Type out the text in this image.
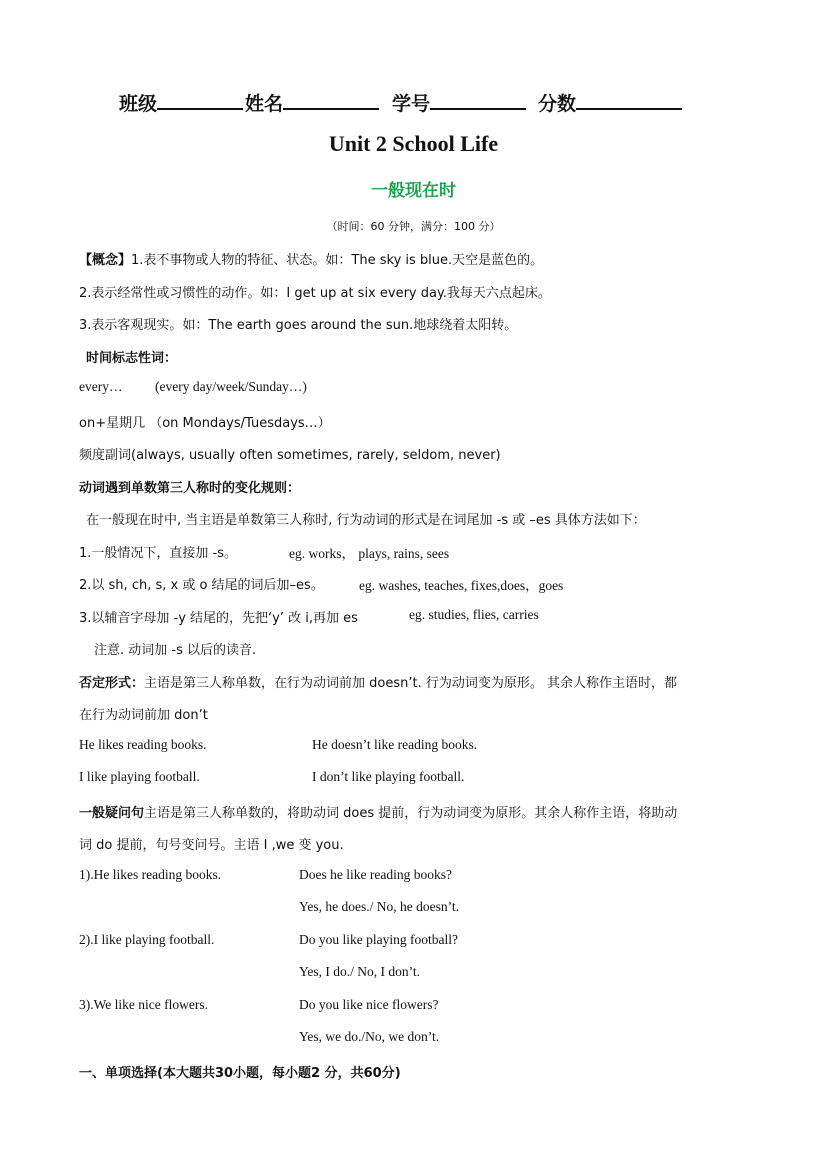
班级	姓名	学号	分数
Unit 2 School Life
一般现在时
（时间：60 分钟，满分：100 分）
【概念】1.表不事物或人物的特征、状态。如：The sky is blue.天空是蓝色的。
2.表示经常性或习惯性的动作。如：I get up at six every day.我每天六点起床。
3.表示客观现实。如：The earth goes around the sun.地球绕着太阳转。
时间标志性词：
every… (every day/week/Sunday…)
on+星期几 （on Mondays/Tuesdays…）
频度副词(always, usually often sometimes, rarely, seldom, never)
动词遇到单数第三人称时的变化规则：
在一般现在时中, 当主语是单数第三人称时, 行为动词的形式是在词尾加 -s 或 –es 具体方法如下：
1.一般情况下，直接加 -s。	eg. works， plays, rains, sees
2.以 sh, ch, s, x 或 o 结尾的词后加–es。	eg. washes, teaches, fixes,does，goes
3.以辅音字母加 -y 结尾的，先把‘y’ 改 i,再加 es	eg. studies, flies, carries
注意. 动词加 -s 以后的读音.
否定形式：主语是第三人称单数，在行为动词前加 doesn’t. 行为动词变为原形。 其余人称作主语时，都
在行为动词前加 don’t
He likes reading books.	He doesn’t like reading books.
I like playing football.	I don’t like playing football.
一般疑问句主语是第三人称单数的，将助动词 does 提前，行为动词变为原形。其余人称作主语，将助动
词 do 提前，句号变问号。主语 I ,we 变 you.
1).He likes reading books.	Does he like reading books?
Yes, he does./ No, he doesn’t.
2).I like playing football.	Do you like playing football?
Yes, I do./ No, I don’t.
3).We like nice flowers.	Do you like nice flowers?
Yes, we do./No, we don’t.
一、单项选择(本大题共30小题，每小题2 分，共60分)
